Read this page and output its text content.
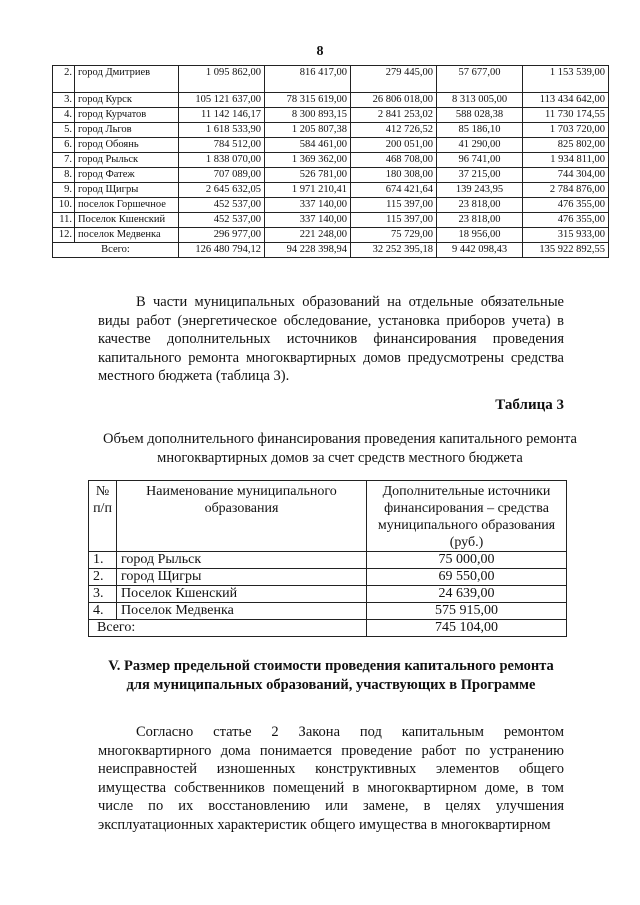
8
2.	город Дмитриев	1 095 862,00	816 417,00	279 445,00	57 677,00	1 153 539,00
3.	город Курск	105 121 637,00	78 315 619,00	26 806 018,00	8 313 005,00	113 434 642,00
4.	город Курчатов	11 142 146,17	8 300 893,15	2 841 253,02	588 028,38	11 730 174,55
5.	город Льгов	1 618 533,90	1 205 807,38	412 726,52	85 186,10	1 703 720,00
6.	город Обоянь	784 512,00	584 461,00	200 051,00	41 290,00	825 802,00
7.	город Рыльск	1 838 070,00	1 369 362,00	468 708,00	96 741,00	1 934 811,00
8.	город Фатеж	707 089,00	526 781,00	180 308,00	37 215,00	744 304,00
9.	город Щигры	2 645 632,05	1 971 210,41	674 421,64	139 243,95	2 784 876,00
10.	поселок Горшечное	452 537,00	337 140,00	115 397,00	23 818,00	476 355,00
11.	Поселок Кшенский	452 537,00	337 140,00	115 397,00	23 818,00	476 355,00
12.	поселок Медвенка	296 977,00	221 248,00	75 729,00	18 956,00	315 933,00
Всего:		126 480 794,12	94 228 398,94	32 252 395,18	9 442 098,43	135 922 892,55
В части муниципальных образований на отдельные обязательные виды работ (энергетическое обследование, установка приборов учета) в качестве дополнительных источников финансирования проведения капитального ремонта многоквартирных домов предусмотрены средства местного бюджета (таблица 3).
Таблица 3
Объем дополнительного финансирования проведения капитального ремонта многоквартирных домов за счет средств местного бюджета
№ п/п	Наименование муниципального образования	Дополнительные источники финансирования – средства муниципального образования (руб.)
1.	город Рыльск	75 000,00
2.	город Щигры	69 550,00
3.	Поселок Кшенский	24 639,00
4.	Поселок Медвенка	575 915,00
Всего:		745 104,00
V. Размер предельной стоимости проведения капитального ремонта для муниципальных образований, участвующих в Программе
Согласно статье 2 Закона под капитальным ремонтом многоквартирного дома понимается проведение работ по устранению неисправностей изношенных конструктивных элементов общего имущества собственников помещений в многоквартирном доме, в том числе по их восстановлению или замене, в целях улучшения эксплуатационных характеристик общего имущества в многоквартирном
